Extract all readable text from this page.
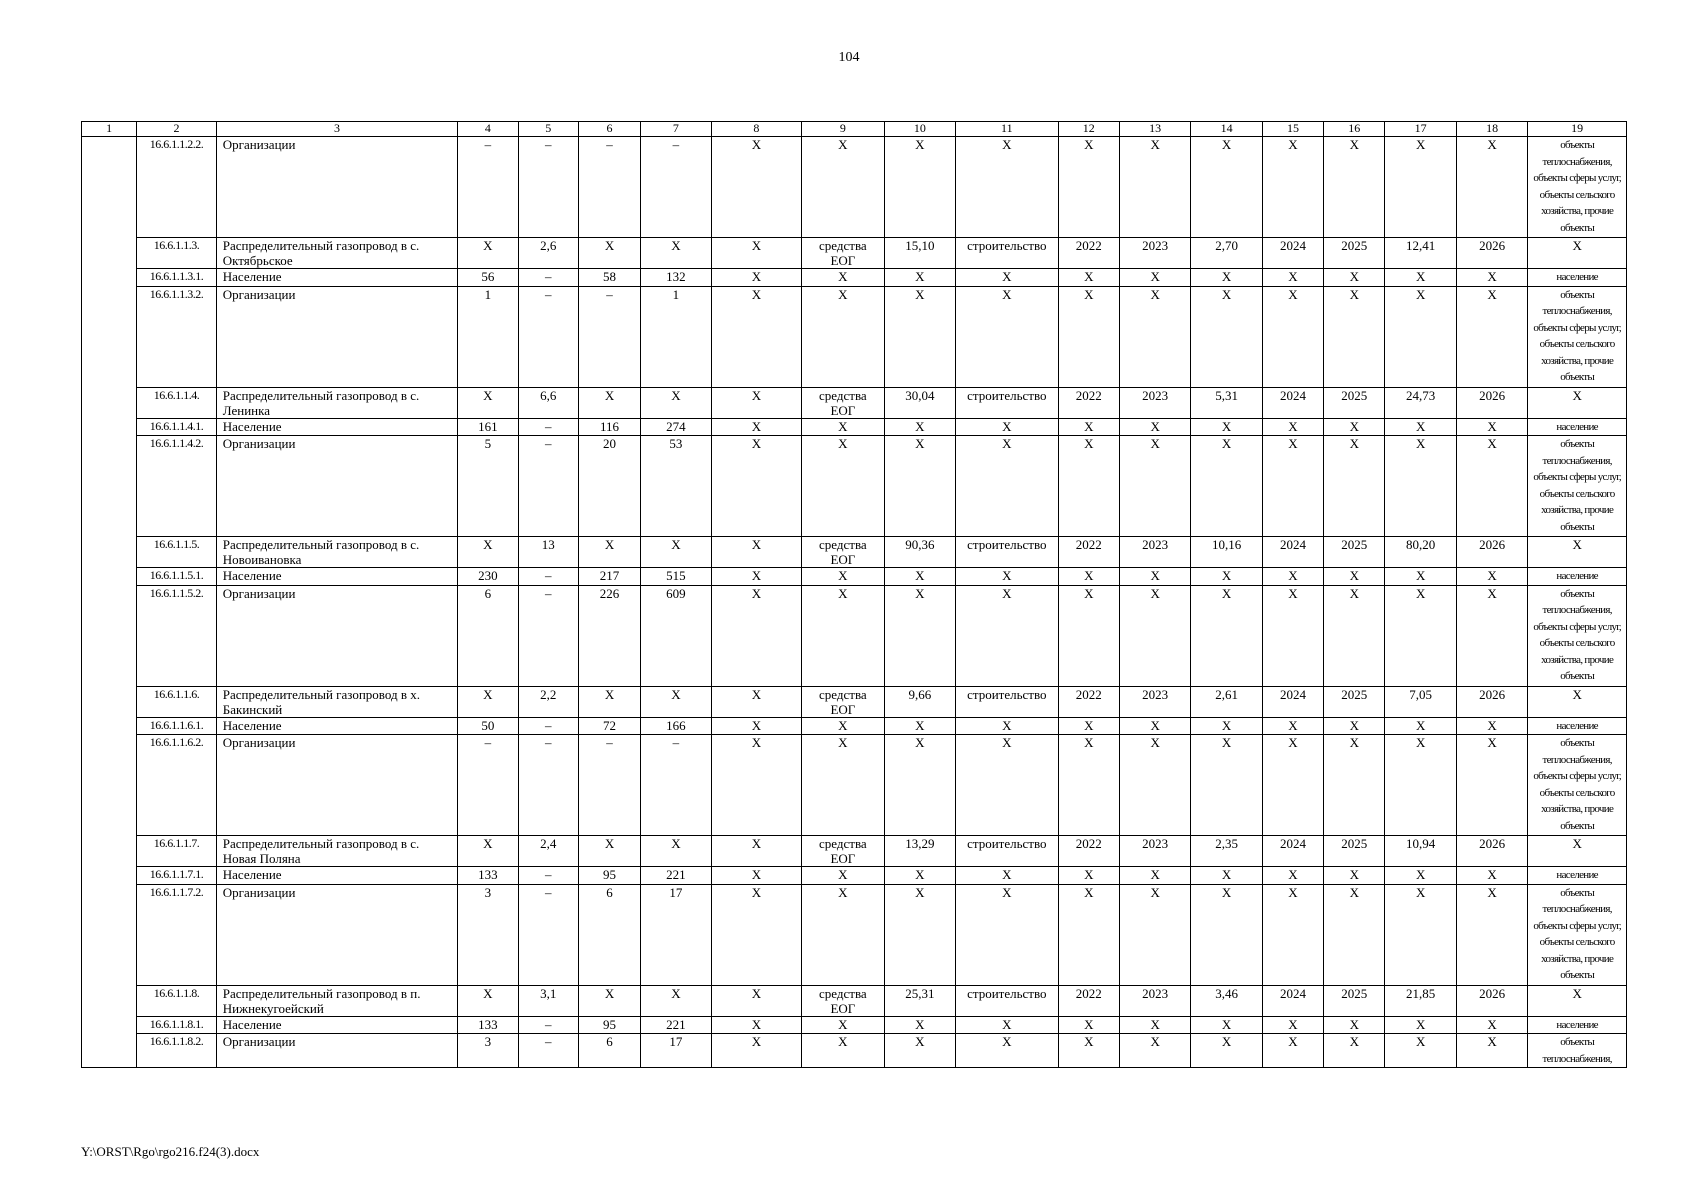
104
1	2	3	4	5	6	7	8	9	10	11	12	13	14	15	16	17	18	19
	16.6.1.1.2.2.	Организации	–	–	–	–	X	X	X	X	X	X	X	X	X	X	X	объекты теплоснабжения, объекты сферы услуг, объекты сельского хозяйства, прочие объекты
	16.6.1.1.3.	Распределительный газопровод в с. Октябрьское	X	2,6	X	X	X	средства ЕОГ	15,10	строительство	2022	2023	2,70	2024	2025	12,41	2026	X
	16.6.1.1.3.1.	Население	56	–	58	132	X	X	X	X	X	X	X	X	X	X	X	население
	16.6.1.1.3.2.	Организации	1	–	–	1	X	X	X	X	X	X	X	X	X	X	X	объекты теплоснабжения, объекты сферы услуг, объекты сельского хозяйства, прочие объекты
	16.6.1.1.4.	Распределительный газопровод в с. Ленинка	X	6,6	X	X	X	средства ЕОГ	30,04	строительство	2022	2023	5,31	2024	2025	24,73	2026	X
	16.6.1.1.4.1.	Население	161	–	116	274	X	X	X	X	X	X	X	X	X	X	X	население
	16.6.1.1.4.2.	Организации	5	–	20	53	X	X	X	X	X	X	X	X	X	X	X	объекты теплоснабжения, объекты сферы услуг, объекты сельского хозяйства, прочие объекты
	16.6.1.1.5.	Распределительный газопровод в с. Новоивановка	X	13	X	X	X	средства ЕОГ	90,36	строительство	2022	2023	10,16	2024	2025	80,20	2026	X
	16.6.1.1.5.1.	Население	230	–	217	515	X	X	X	X	X	X	X	X	X	X	X	население
	16.6.1.1.5.2.	Организации	6	–	226	609	X	X	X	X	X	X	X	X	X	X	X	объекты теплоснабжения, объекты сферы услуг, объекты сельского хозяйства, прочие объекты
	16.6.1.1.6.	Распределительный газопровод в х. Бакинский	X	2,2	X	X	X	средства ЕОГ	9,66	строительство	2022	2023	2,61	2024	2025	7,05	2026	X
	16.6.1.1.6.1.	Население	50	–	72	166	X	X	X	X	X	X	X	X	X	X	X	население
	16.6.1.1.6.2.	Организации	–	–	–	–	X	X	X	X	X	X	X	X	X	X	X	объекты теплоснабжения, объекты сферы услуг, объекты сельского хозяйства, прочие объекты
	16.6.1.1.7.	Распределительный газопровод в с. Новая Поляна	X	2,4	X	X	X	средства ЕОГ	13,29	строительство	2022	2023	2,35	2024	2025	10,94	2026	X
	16.6.1.1.7.1.	Население	133	–	95	221	X	X	X	X	X	X	X	X	X	X	X	население
	16.6.1.1.7.2.	Организации	3	–	6	17	X	X	X	X	X	X	X	X	X	X	X	объекты теплоснабжения, объекты сферы услуг, объекты сельского хозяйства, прочие объекты
	16.6.1.1.8.	Распределительный газопровод в п. Нижнекугоейский	X	3,1	X	X	X	средства ЕОГ	25,31	строительство	2022	2023	3,46	2024	2025	21,85	2026	X
	16.6.1.1.8.1.	Население	133	–	95	221	X	X	X	X	X	X	X	X	X	X	X	население
	16.6.1.1.8.2.	Организации	3	–	6	17	X	X	X	X	X	X	X	X	X	X	X	объекты теплоснабжения,
Y:\ORST\Rgo\rgo216.f24(3).docx
